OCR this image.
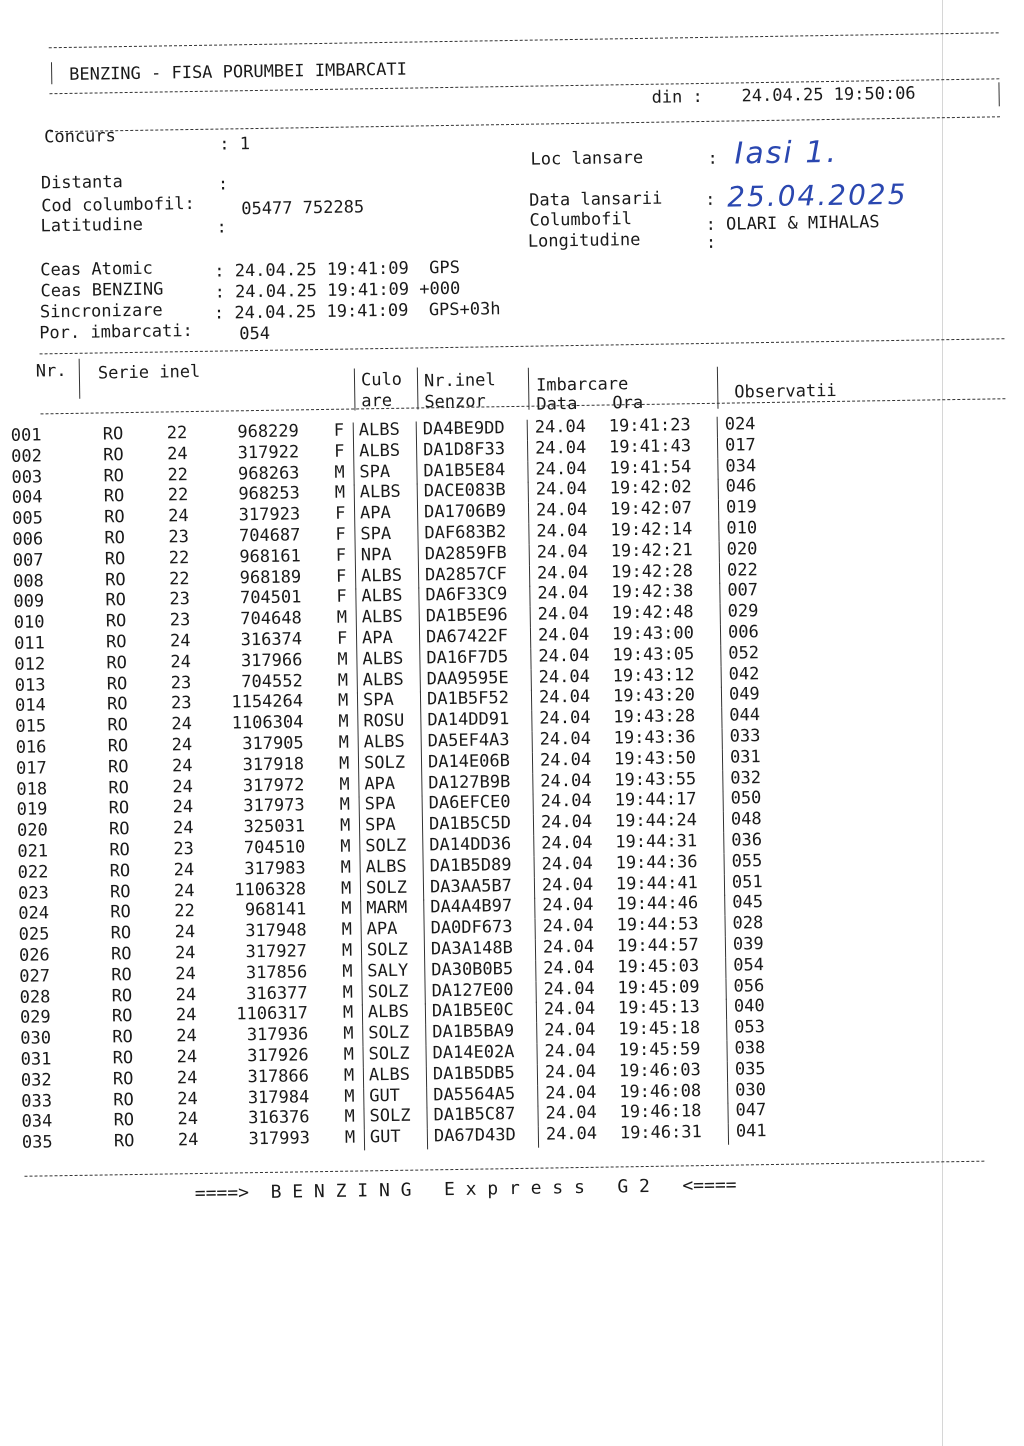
BENZING - FISA PORUMBEI IMBARCATI
din : 24.04.25 19:50:06
Concurs	: 1
Distanta	:
Cod columbofil:	05477 752285
Latitudine	:
Loc lansare	: Iasi 1.
Data lansarii	: 25.04.2025
Columbofil	: OLARI & MIHALAS
Longitudine	:
Ceas Atomic	: 24.04.25 19:41:09  GPS
Ceas BENZING	: 24.04.25 19:41:09 +000
Sincronizare	: 24.04.25 19:41:09  GPS+03h
Por. imbarcati:	054
Nr. Serie inel	Culo
are
Nr.inel
Senzor
Imbarcare
Data Ora
Observatii
001	RO	22	968229 F ALBS DA4BE9DD 24.04 19:41:23 024
002	RO	24	317922 F ALBS DA1D8F33 24.04 19:41:43 017
003	RO	22	968263 M SPA DA1B5E84 24.04 19:41:54 034
004	RO	22	968253 M ALBS DACE083B 24.04 19:42:02 046
005	RO	24	317923 F APA DA1706B9 24.04 19:42:07 019
006	RO	23	704687 F SPA DAF683B2 24.04 19:42:14 010
007	RO	22	968161 F NPA DA2859FB 24.04 19:42:21 020
008	RO	22	968189 F ALBS DA2857CF 24.04 19:42:28 022
009	RO	23	704501 F ALBS DA6F33C9 24.04 19:42:38 007
010	RO	23	704648 M ALBS DA1B5E96 24.04 19:42:48 029
011	RO	24	316374 F APA DA67422F 24.04 19:43:00 006
012	RO	24	317966 M ALBS DA16F7D5 24.04 19:43:05 052
013	RO	23	704552 M ALBS DAA9595E 24.04 19:43:12 042
014	RO	23	1154264 M SPA DA1B5F52 24.04 19:43:20 049
015	RO	24	1106304 M ROSU DA14DD91 24.04 19:43:28 044
016	RO	24	317905 M ALBS DA5EF4A3 24.04 19:43:36 033
017	RO	24	317918 M SOLZ DA14E06B 24.04 19:43:50 031
018	RO	24	317972 M APA DA127B9B 24.04 19:43:55 032
019	RO	24	317973 M SPA DA6EFCE0 24.04 19:44:17 050
020	RO	24	325031 M SPA DA1B5C5D 24.04 19:44:24 048
021	RO	23	704510 M SOLZ DA14DD36 24.04 19:44:31 036
022	RO	24	317983 M ALBS DA1B5D89 24.04 19:44:36 055
023	RO	24	1106328 M SOLZ DA3AA5B7 24.04 19:44:41 051
024	RO	22	968141 M MARM DA4A4B97 24.04 19:44:46 045
025	RO	24	317948 M APA DA0DF673 24.04 19:44:53 028
026	RO	24	317927 M SOLZ DA3A148B 24.04 19:44:57 039
027	RO	24	317856 M SALY DA30B0B5 24.04 19:45:03 054
028	RO	24	316377 M SOLZ DA127E00 24.04 19:45:09 056
029	RO	24	1106317 M ALBS DA1B5E0C 24.04 19:45:13 040
030	RO	24	317936 M SOLZ DA1B5BA9 24.04 19:45:18 053
031	RO	24	317926 M SOLZ DA14E02A 24.04 19:45:59 038
032	RO	24	317866 M ALBS DA1B5DB5 24.04 19:46:03 035
033	RO	24	317984 M GUT DA5564A5 24.04 19:46:08 030
034	RO	24	316376 M SOLZ DA1B5C87 24.04 19:46:18 047
035	RO	24	317993 M GUT DA67D43D 24.04 19:46:31 041
====>  B E N Z I N G   E x p r e s s   G 2   <====
